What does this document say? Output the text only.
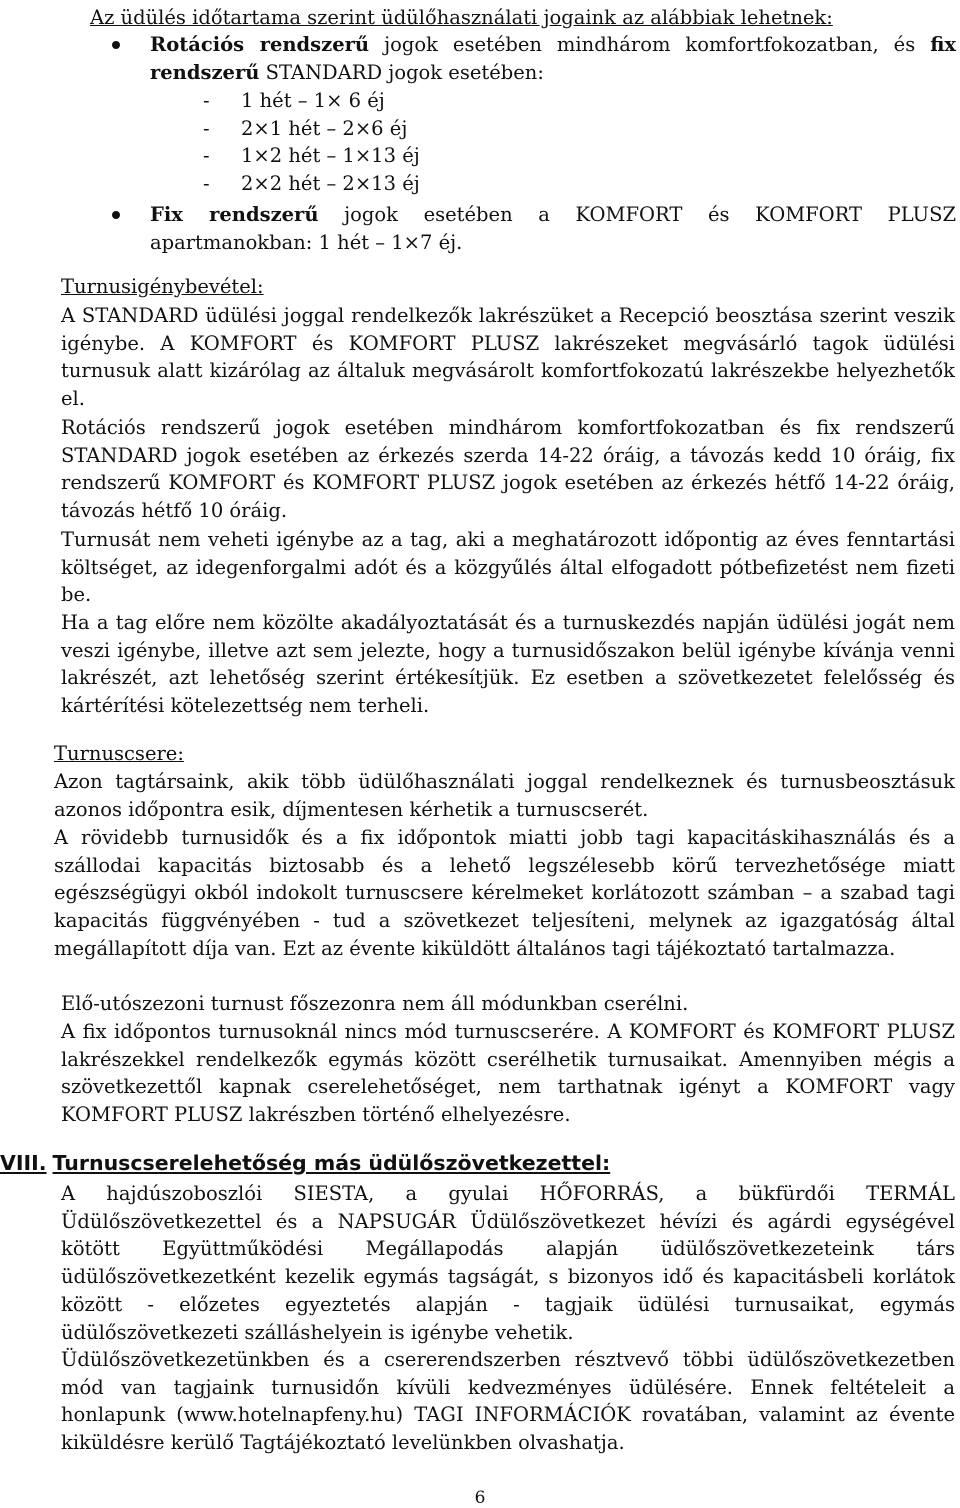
Az üdülés időtartama szerint üdülőhasználati jogaink az alábbiak lehetnek:

Rotációs rendszerű jogok esetében mindhárom komfortfokozatban, és fix rendszerű STANDARD jogok esetében:
- 1 hét – 1× 6 éj
- 2×1 hét – 2×6 éj
- 1×2 hét – 1×13 éj
- 2×2 hét – 2×13 éj
Fix rendszerű jogok esetében a KOMFORT és KOMFORT PLUSZ apartmanokban: 1 hét – 1×7 éj.

Turnusigénybevétel:

A STANDARD üdülési joggal rendelkezők lakrészüket a Recepció beosztása szerint veszik igénybe. A KOMFORT és KOMFORT PLUSZ lakrészeket megvásárló tagok üdülési turnusuk alatt kizárólag az általuk megvásárolt komfortfokozatú lakrészekbe helyezhetők el.

Rotációs rendszerű jogok esetében mindhárom komfortfokozatban és fix rendszerű STANDARD jogok esetében az érkezés szerda 14-22 óráig, a távozás kedd 10 óráig, fix rendszerű KOMFORT és KOMFORT PLUSZ jogok esetében az érkezés hétfő 14-22 óráig, távozás hétfő 10 óráig.

Turnusát nem veheti igénybe az a tag, aki a meghatározott időpontig az éves fenntartási költséget, az idegenforgalmi adót és a közgyűlés által elfogadott pótbefizetést nem fizeti be.

Ha a tag előre nem közölte akadályoztatását és a turnuskezdés napján üdülési jogát nem veszi igénybe, illetve azt sem jelezte, hogy a turnusidőszakon belül igénybe kívánja venni lakrészét, azt lehetőség szerint értékesítjük. Ez esetben a szövetkezetet felelősség és kártérítési kötelezettség nem terheli.

Turnuscsere:

Azon tagtársaink, akik több üdülőhasználati joggal rendelkeznek és turnusbeosztásuk azonos időpontra esik, díjmentesen kérhetik a turnuscserét.

A rövidebb turnusidők és a fix időpontok miatti jobb tagi kapacitáskihasználás és a szállodai kapacitás biztosabb és a lehető legszélesebb körű tervezhetősége miatt egészségügyi okból indokolt turnuscsere kérelmeket korlátozott számban – a szabad tagi kapacitás függvényében - tud a szövetkezet teljesíteni, melynek az igazgatóság által megállapított díja van. Ezt az évente kiküldött általános tagi tájékoztató tartalmazza.

Elő-utószezoni turnust főszezonra nem áll módunkban cserélni.

A fix időpontos turnusoknál nincs mód turnuscserére. A KOMFORT és KOMFORT PLUSZ lakrészekkel rendelkezők egymás között cserélhetik turnusaikat. Amennyiben mégis a szövetkezettől kapnak cserelehetőséget, nem tarthatnak igényt a KOMFORT vagy KOMFORT PLUSZ lakrészben történő elhelyezésre.

VIII. Turnuscserelehetőség más üdülőszövetkezettel:

A hajdúszoboszlói SIESTA, a gyulai HŐFORRÁS, a bükfürdői TERMÁL Üdülőszövetkezettel és a NAPSUGÁR Üdülőszövetkezet hévízi és agárdi egységével kötött Együttműködési Megállapodás alapján üdülőszövetkezeteink társ üdülőszövetkezetként kezelik egymás tagságát, s bizonyos idő és kapacitásbeli korlátok között - előzetes egyeztetés alapján - tagjaik üdülési turnusaikat, egymás üdülőszövetkezeti szálláshelyein is igénybe vehetik.

Üdülőszövetkezetünkben és a csererendszerben résztvevő többi üdülőszövetkezetben mód van tagjaink turnusidőn kívüli kedvezményes üdülésére. Ennek feltételeit a honlapunk (www.hotelnapfeny.hu) TAGI INFORMÁCIÓK rovatában, valamint az évente kiküldésre kerülő Tagtájékoztató levelünkben olvashatja.

6
